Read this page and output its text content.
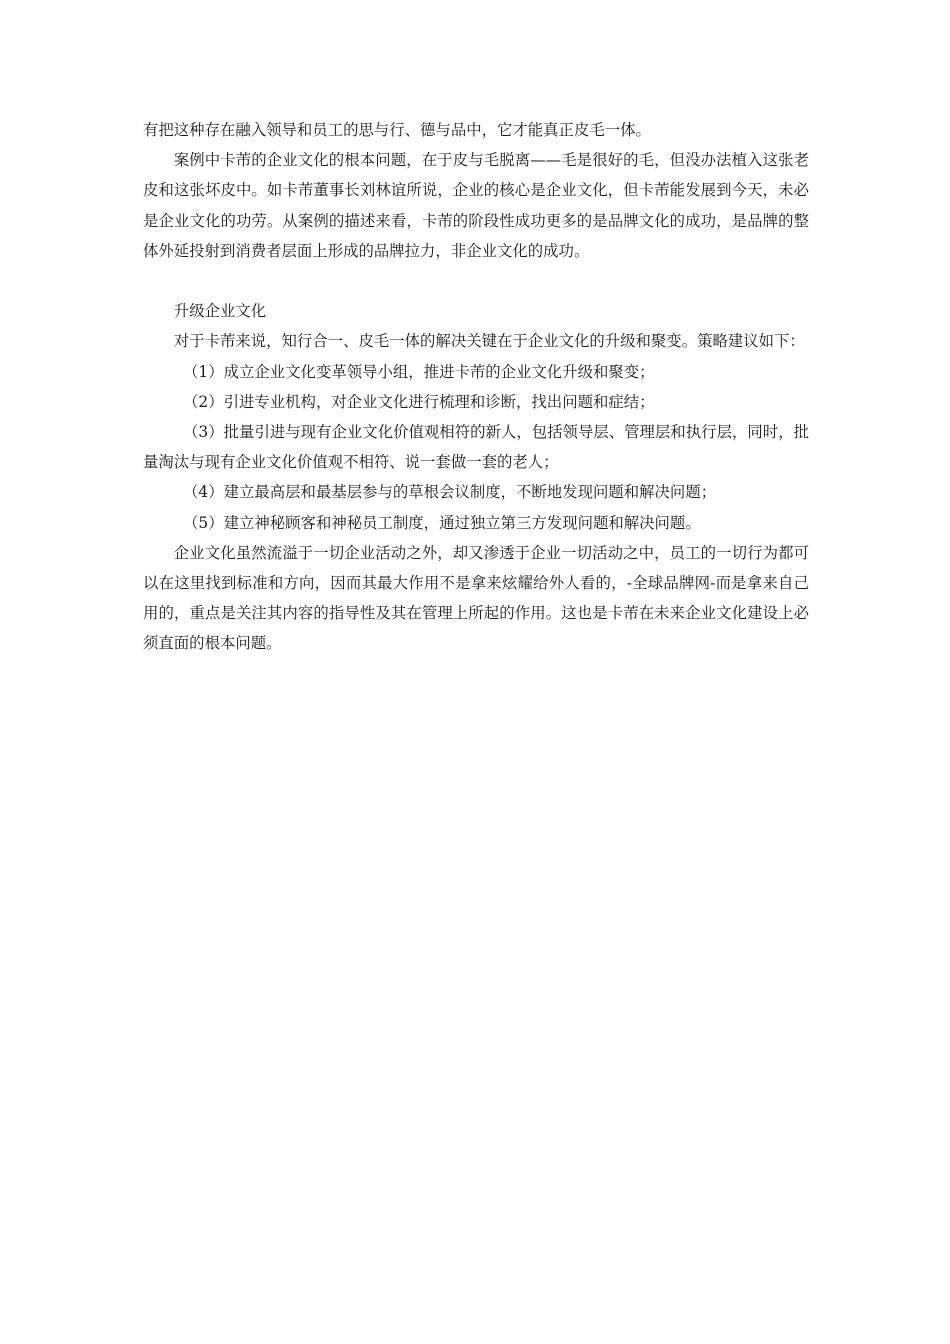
有把这种存在融入领导和员工的思与行、德与品中，它才能真正皮毛一体。

案例中卡芾的企业文化的根本问题，在于皮与毛脱离——毛是很好的毛，但没办法植入这张老皮和这张坏皮中。如卡芾董事长刘林谊所说，企业的核心是企业文化，但卡芾能发展到今天，未必是企业文化的功劳。从案例的描述来看，卡芾的阶段性成功更多的是品牌文化的成功，是品牌的整体外延投射到消费者层面上形成的品牌拉力，非企业文化的成功。

升级企业文化

对于卡芾来说，知行合一、皮毛一体的解决关键在于企业文化的升级和聚变。策略建议如下：

（1）成立企业文化变革领导小组，推进卡芾的企业文化升级和聚变；

（2）引进专业机构，对企业文化进行梳理和诊断，找出问题和症结；

（3）批量引进与现有企业文化价值观相符的新人，包括领导层、管理层和执行层，同时，批量淘汰与现有企业文化价值观不相符、说一套做一套的老人；

（4）建立最高层和最基层参与的草根会议制度，不断地发现问题和解决问题；

（5）建立神秘顾客和神秘员工制度，通过独立第三方发现问题和解决问题。

企业文化虽然流溢于一切企业活动之外，却又渗透于企业一切活动之中，员工的一切行为都可以在这里找到标准和方向，因而其最大作用不是拿来炫耀给外人看的，-全球品牌网-而是拿来自己用的，重点是关注其内容的指导性及其在管理上所起的作用。这也是卡芾在未来企业文化建设上必须直面的根本问题。
